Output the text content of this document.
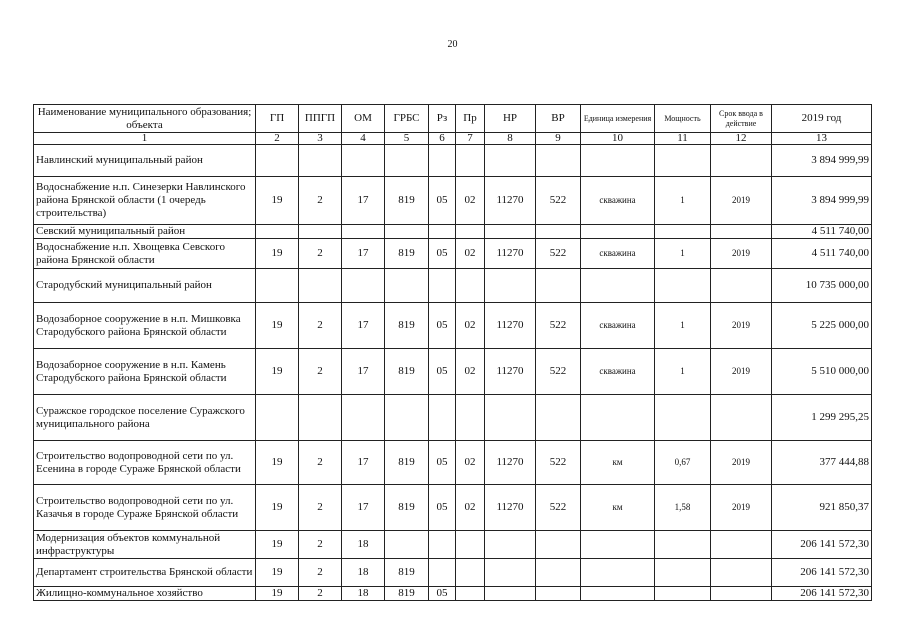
20
Наименование муниципального образования; объекта	ГП	ППГП	ОМ	ГРБС	Рз	Пр	НР	ВР	Единица измерения	Мощность	Срок ввода в действие	2019 год
1	2	3	4	5	6	7	8	9	10	11	12	13
Навлинский муниципальный район												3 894 999,99
Водоснабжение н.п. Синезерки Навлинского района Брянской области (1 очередь строительства)	19	2	17	819	05	02	11270	522	скважина	1	2019	3 894 999,99
Севский муниципальный район												4 511 740,00
Водоснабжение н.п. Хвощевка Севского района Брянской области	19	2	17	819	05	02	11270	522	скважина	1	2019	4 511 740,00
Стародубский муниципальный район												10 735 000,00
Водозаборное сооружение в н.п. Мишковка Стародубского района Брянской области	19	2	17	819	05	02	11270	522	скважина	1	2019	5 225 000,00
Водозаборное сооружение в н.п. Камень Стародубского района Брянской области	19	2	17	819	05	02	11270	522	скважина	1	2019	5 510 000,00
Суражское городское поселение Суражского муниципального района												1 299 295,25
Строительство водопроводной сети по ул. Есенина в городе Сураже Брянской области	19	2	17	819	05	02	11270	522	км	0,67	2019	377 444,88
Строительство водопроводной сети по ул. Казачья в городе Сураже Брянской области	19	2	17	819	05	02	11270	522	км	1,58	2019	921 850,37
Модернизация объектов коммунальной инфраструктуры	19	2	18									206 141 572,30
Департамент строительства Брянской области	19	2	18	819								206 141 572,30
Жилищно-коммунальное хозяйство	19	2	18	819	05							206 141 572,30
